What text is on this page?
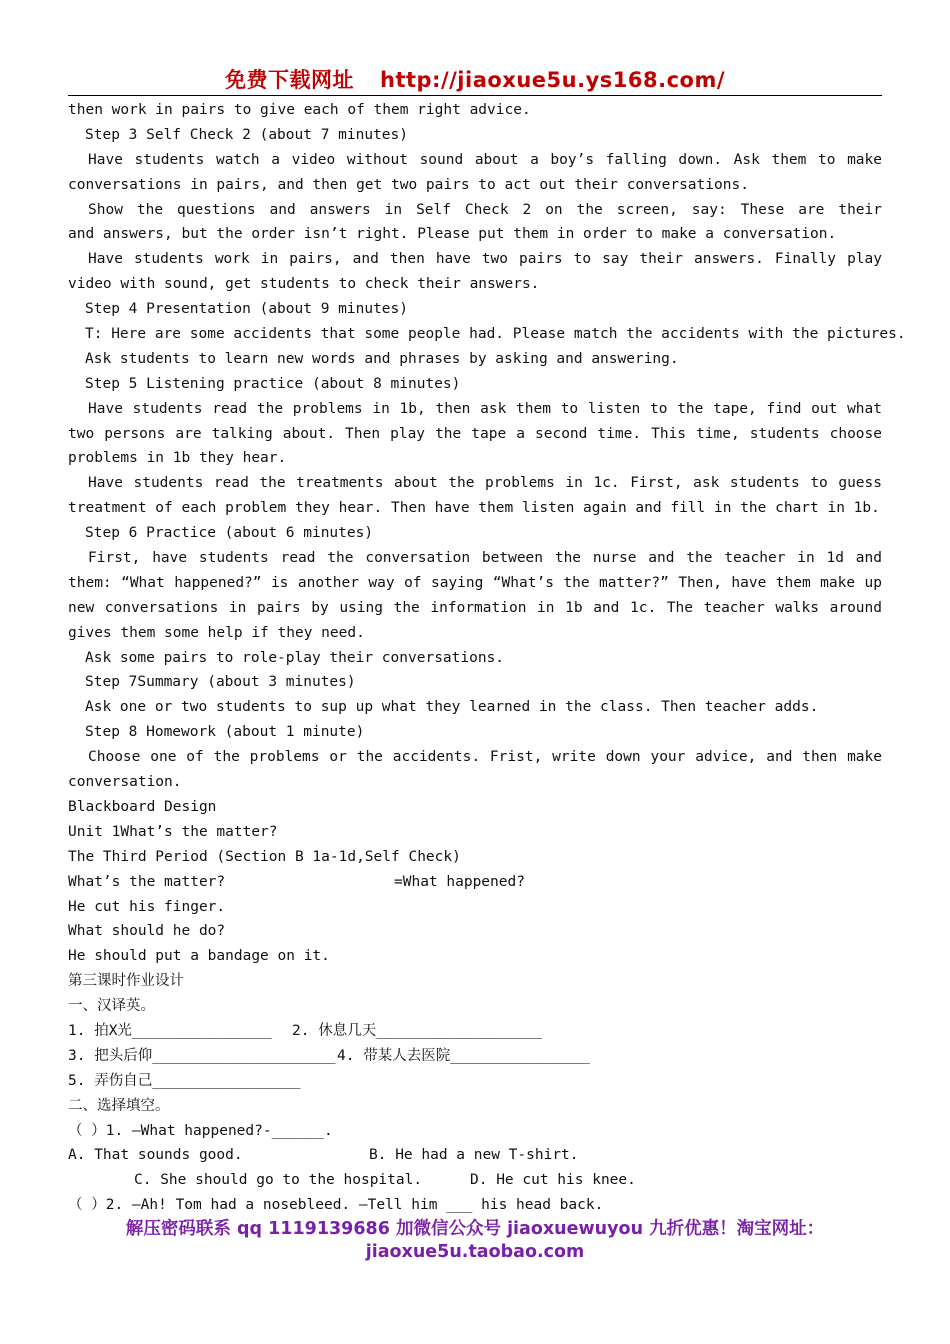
免费下载网址 http://jiaoxue5u.ys168.com/
then work in pairs to give each of them right advice.
Step 3 Self Check 2 (about 7 minutes)
Have students watch a video without sound about a boy’s falling down. Ask them to make
conversations in pairs, and then get two pairs to act out their conversations.
Show the questions and answers in Self Check 2 on the screen, say: These are their
and answers, but the order isn’t right. Please put them in order to make a conversation.
Have students work in pairs, and then have two pairs to say their answers. Finally play
video with sound, get students to check their answers.
Step 4 Presentation (about 9 minutes)
T: Here are some accidents that some people had. Please match the accidents with the pictures.
Ask students to learn new words and phrases by asking and answering.
Step 5 Listening practice (about 8 minutes)
Have students read the problems in 1b, then ask them to listen to the tape, find out what
two persons are talking about. Then play the tape a second time. This time, students choose
problems in 1b they hear.
Have students read the treatments about the problems in 1c. First, ask students to guess
treatment of each problem they hear. Then have them listen again and fill in the chart in 1b.
Step 6 Practice (about 6 minutes)
First, have students read the conversation between the nurse and the teacher in 1d and
them: “What happened?” is another way of saying “What’s the matter?” Then, have them make up
new conversations in pairs by using the information in 1b and 1c. The teacher walks around
gives them some help if they need.
Ask some pairs to role-play their conversations.
Step 7Summary (about 3 minutes)
Ask one or two students to sup up what they learned in the class. Then teacher adds.
Step 8 Homework (about 1 minute)
Choose one of the problems or the accidents. Frist, write down your advice, and then make
conversation.
Blackboard Design
Unit 1What’s the matter?
The Third Period (Section B 1a-1d,Self Check)
What’s the matter?	=What happened?
He cut his finger.
What should he do?
He should put a bandage on it.
第三课时作业设计
一、汉译英。
1. 拍X光________________ 2. 休息几天___________________
3. 把头后仰_____________________4. 带某人去医院________________
5. 弄伤自己_________________
二、选择填空。
（ ）1. –What happened?-______.
A. That sounds good.	B. He had a new T-shirt.
C. She should go to the hospital.	D. He cut his knee.
（ ）2. –Ah! Tom had a nosebleed. –Tell him ___ his head back.
解压密码联系 qq 1119139686 加微信公众号 jiaoxuewuyou 九折优惠！淘宝网址：
jiaoxue5u.taobao.com
